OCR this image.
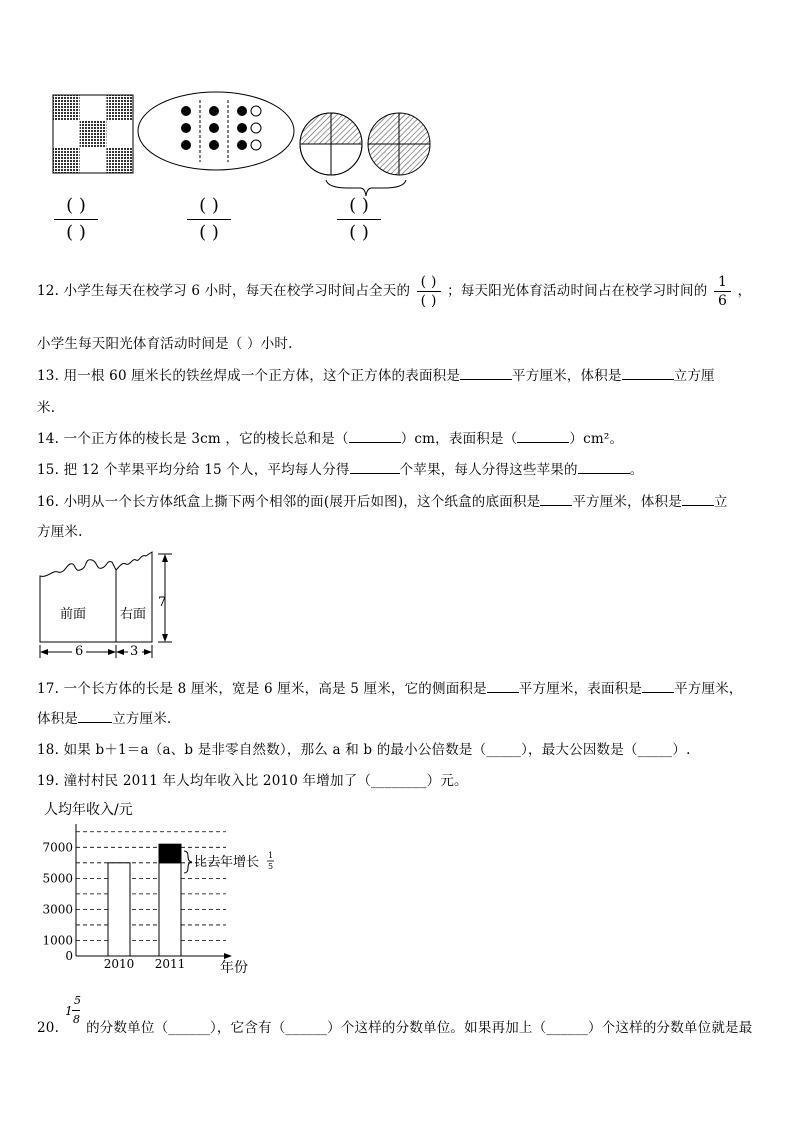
( )
( )
( )
( )
( )
( )
12. 小学生每天在校学习 6 小时，每天在校学习时间占全天的 $\frac{( )}{( )}$ ；每天阳光体育活动时间占在校学习时间的 $\frac{1}{6}$ ，
小学生每天阳光体育活动时间是（ ）小时.
13. 用一根 60 厘米长的铁丝焊成一个正方体，这个正方体的表面积是	平方厘米，体积是	立方厘
米.
14. 一个正方体的棱长是 3cm ，它的棱长总和是（	）cm，表面积是（	）cm²。
15. 把 12 个苹果平均分给 15 个人，平均每人分得	个苹果，每人分得这些苹果的	。
16. 小明从一个长方体纸盒上撕下两个相邻的面(展开后如图)，这个纸盒的底面积是 平方厘米，体积是 立
方厘米.
前面	右面
7
6	3
17. 一个长方体的长是 8 厘米，宽是 6 厘米，高是 5 厘米，它的侧面积是 平方厘米，表面积是 平方厘米，
体积是	立方厘米.
18. 如果 b＋1＝a（a、b 是非零自然数），那么 a 和 b 的最小公倍数是（_____），最大公因数是（_____）.
19. 潼村村民 2011 年人均年收入比 2010 年增加了（________）元。
人均年收入/元
0
1000
3000
5000
7000
2010 2011 年份
比去年增长 1
5
5
1
8
20. 的分数单位（______），它含有（______）个这样的分数单位。如果再加上（______）个这样的分数单位就是最
